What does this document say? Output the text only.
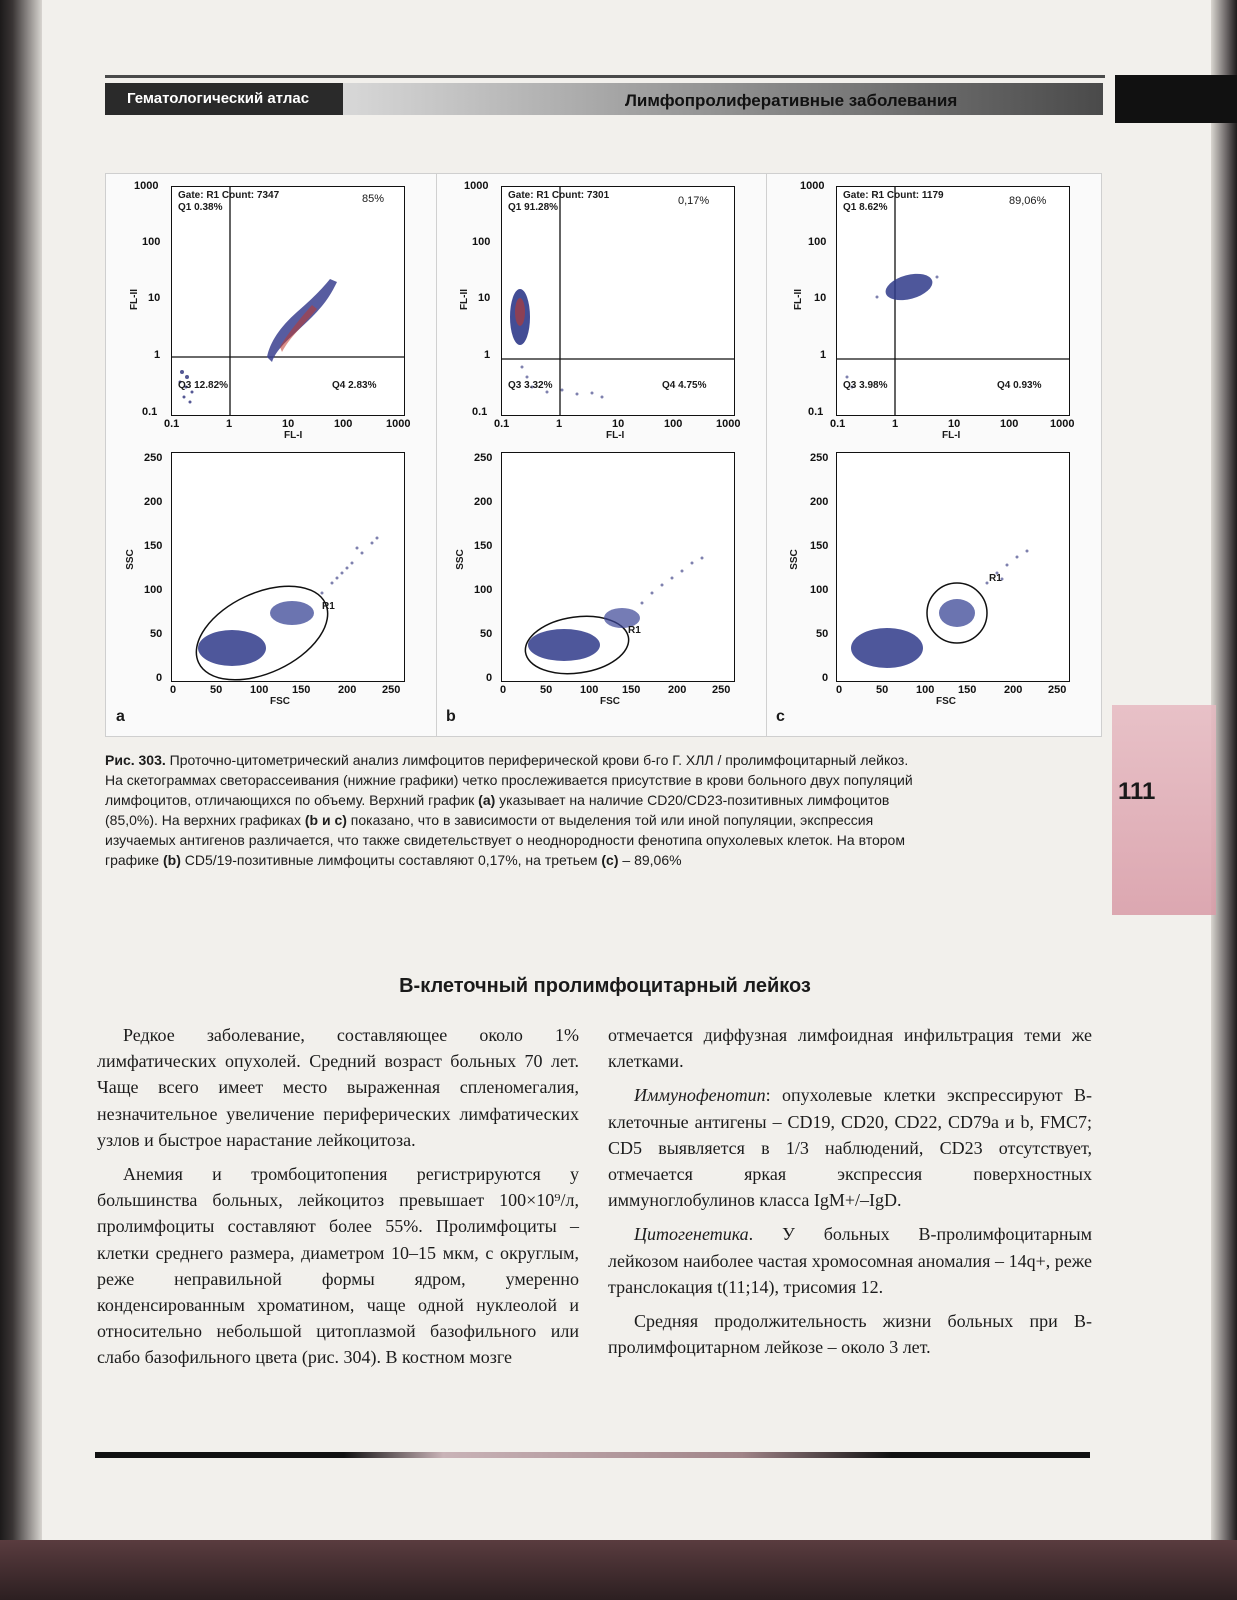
Гематологический атлас	Лимфопролиферативные заболевания
Gate: R1 Count: 7347
Q1 0.38%
85%
Q3 12.82%	Q4 2.83%
FL-II
1000
100
10
1
0.1
0.1	1	10	100	1000
FL-I
R1
SSC
250
200
150
100
50
0
0	50	100 150	200 250
FSC
a
Gate: R1 Count: 7301
Q1 91.28%
0,17%
Q3 3.32%	Q4 4.75%
FL-II
1000
100
10
1
0.1
0.1	1	10	100	1000
FL-I
R1
SSC
250
200
150
100
50
0
0	50	100 150	200 250
FSC
b
Gate: R1 Count: 1179
Q1 8.62%
89,06%
Q3 3.98%	Q4 0.93%
FL-II
1000
100
10
1
0.1
0.1	1	10	100	1000
FL-I
R1
SSC
250
200
150
100
50
0
0	50	100 150	200 250
FSC
c
Рис. 303. Проточно-цитометрический анализ лимфоцитов периферической крови б-го Г. ХЛЛ / пролимфоцитарный лейкоз.
На скетограммах светорассеивания (нижние графики) четко прослеживается присутствие в крови больного двух популяций
лимфоцитов, отличающихся по объему. Верхний график (a) указывает на наличие CD20/CD23-позитивных лимфоцитов
(85,0%). На верхних графиках (b и c) показано, что в зависимости от выделения той или иной популяции, экспрессия
изучаемых антигенов различается, что также свидетельствует о неоднородности фенотипа опухолевых клеток. На втором
графике (b) CD5/19-позитивные лимфоциты составляют 0,17%, на третьем (c) – 89,06%
111
В-клеточный пролимфоцитарный лейкоз

Редкое заболевание, составляющее около 1% лимфатических опухолей. Средний возраст больных 70 лет. Чаще всего имеет место выраженная спленомегалия, незначительное увеличение периферических лимфатических узлов и быстрое нарастание лейкоцитоза.

Анемия и тромбоцитопения регистрируются у большинства больных, лейкоцитоз превышает 100×10⁹/л, пролимфоциты составляют более 55%. Пролимфоциты – клетки среднего размера, диаметром 10–15 мкм, с округлым, реже неправильной формы ядром, умеренно конденсированным хроматином, чаще одной нуклеолой и относительно небольшой цитоплазмой базофильного или слабо базофильного цвета (рис. 304). В костном мозге

отмечается диффузная лимфоидная инфильтрация теми же клетками.

Иммунофенотип: опухолевые клетки экспрессируют В-клеточные антигены – CD19, CD20, CD22, CD79a и b, FMC7; CD5 выявляется в 1/3 наблюдений, CD23 отсутствует, отмечается яркая экспрессия поверхностных иммуноглобулинов класса IgM+/–IgD.

Цитогенетика. У больных В-пролимфоцитарным лейкозом наиболее частая хромосомная аномалия – 14q+, реже транслокация t(11;14), трисомия 12.

Средняя продолжительность жизни больных при В-пролимфоцитарном лейкозе – около 3 лет.
